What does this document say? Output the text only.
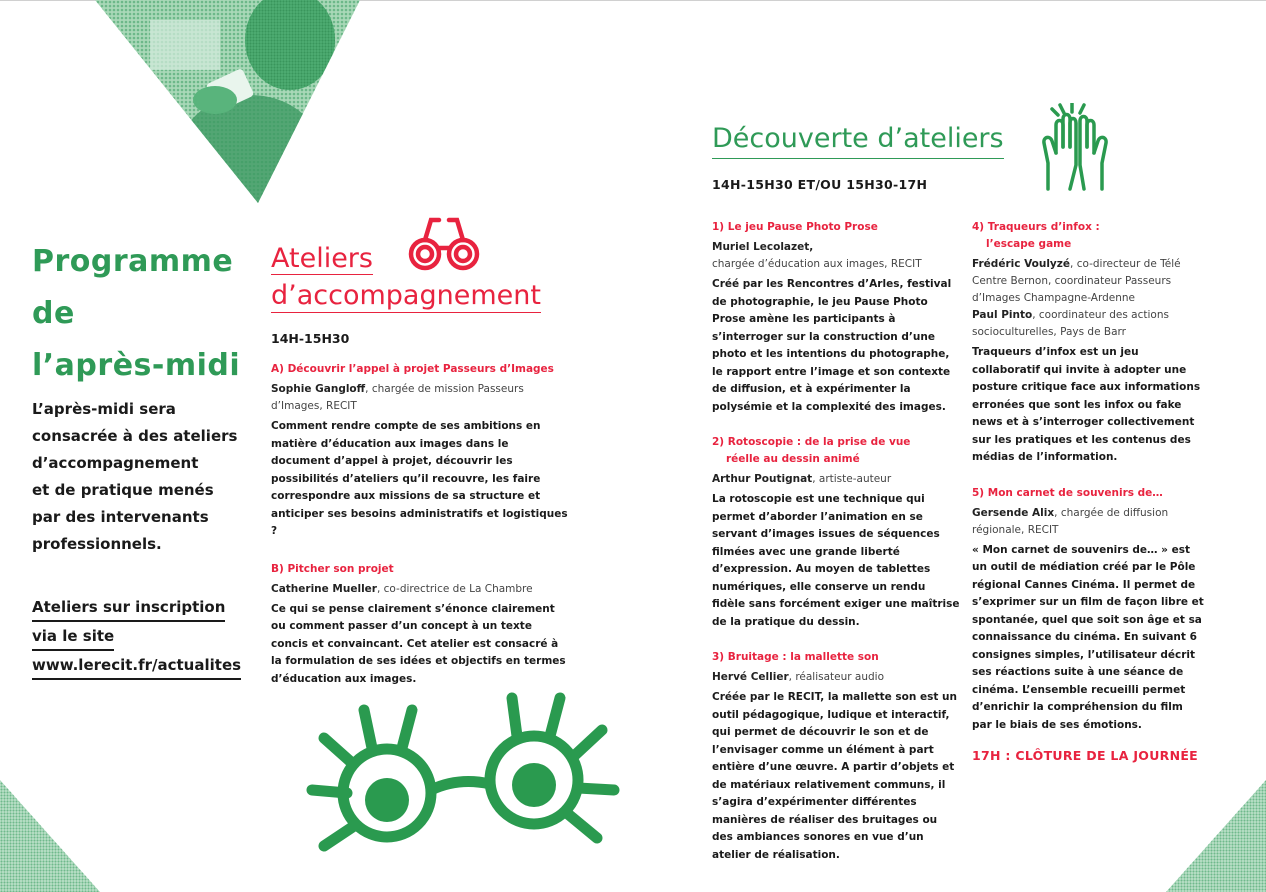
Programme
de
l’après-midi
L’après-midi sera
consacrée à des ateliers
d’accompagnement
et de pratique menés
par des intervenants
professionnels.
Ateliers sur inscription
via le site
www.lerecit.fr/actualites
Ateliers
d’accompagnement
14H-15H30
A) Découvrir l’appel à projet Passeurs d’Images
Sophie Gangloff, chargée de mission Passeurs d’Images, RECIT
Comment rendre compte de ses ambitions en matière d’éducation aux images dans le document d’appel à projet, découvrir les possibilités d’ateliers qu’il recouvre, les faire correspondre aux missions de sa structure et anticiper ses besoins administratifs et logistiques ?
B) Pitcher son projet
Catherine Mueller, co-directrice de La Chambre
Ce qui se pense clairement s’énonce clairement ou comment passer d’un concept à un texte concis et convaincant. Cet atelier est consacré à la formulation de ses idées et objectifs en termes d’éducation aux images.
Découverte d’ateliers
14H-15H30 ET/OU 15H30-17H
1) Le jeu Pause Photo Prose
Muriel Lecolazet,
chargée d’éducation aux images, RECIT
Créé par les Rencontres d’Arles, festival de photographie, le jeu Pause Photo Prose amène les participants à s’interroger sur la construction d’une photo et les intentions du photographe, le rapport entre l’image et son contexte de diffusion, et à expérimenter la polysémie et la complexité des images.
2) Rotoscopie : de la prise de vue
réelle au dessin animé
Arthur Poutignat, artiste-auteur
La rotoscopie est une technique qui permet d’aborder l’animation en se servant d’images issues de séquences filmées avec une grande liberté d’expression. Au moyen de tablettes numériques, elle conserve un rendu fidèle sans forcément exiger une maîtrise de la pratique du dessin.
3) Bruitage : la mallette son
Hervé Cellier, réalisateur audio
Créée par le RECIT, la mallette son est un outil pédagogique, ludique et interactif, qui permet de découvrir le son et de l’envisager comme un élément à part entière d’une œuvre. A partir d’objets et de matériaux relativement communs, il s’agira d’expérimenter différentes manières de réaliser des bruitages ou des ambiances sonores en vue d’un atelier de réalisation.
4) Traqueurs d’infox :
l’escape game
Frédéric Voulyzé, co-directeur de Télé Centre Bernon, coordinateur Passeurs d’Images Champagne-Ardenne
Paul Pinto, coordinateur des actions socioculturelles, Pays de Barr
Traqueurs d’infox est un jeu collaboratif qui invite à adopter une posture critique face aux informations erronées que sont les infox ou fake news et à s’interroger collectivement sur les pratiques et les contenus des médias de l’information.
5) Mon carnet de souvenirs de…
Gersende Alix, chargée de diffusion régionale, RECIT
« Mon carnet de souvenirs de… » est un outil de médiation créé par le Pôle régional Cannes Cinéma. Il permet de s’exprimer sur un film de façon libre et spontanée, quel que soit son âge et sa connaissance du cinéma. En suivant 6 consignes simples, l’utilisateur décrit ses réactions suite à une séance de cinéma. L’ensemble recueilli permet d’enrichir la compréhension du film par le biais de ses émotions.
17H : CLÔTURE DE LA JOURNÉE
